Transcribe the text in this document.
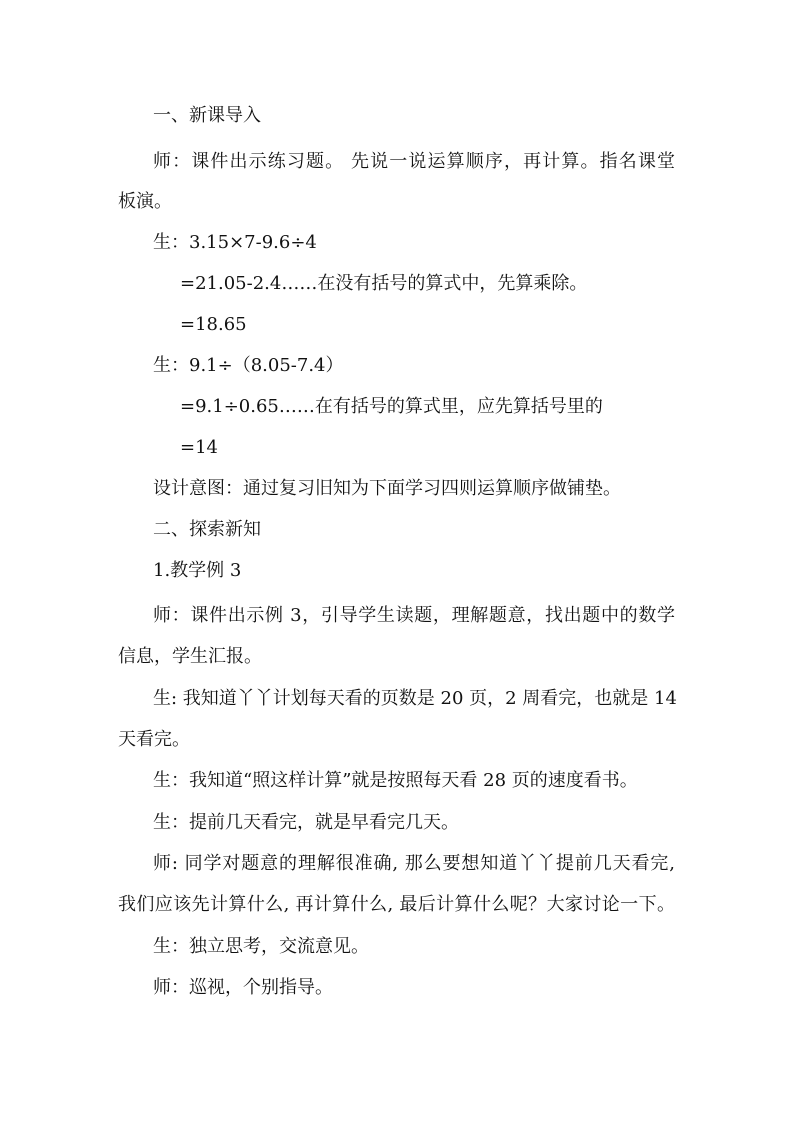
一、新课导入
师：课件出示练习题。 先说一说运算顺序，再计算。指名课堂
板演。
生：3.15×7-9.6÷4
=21.05-2.4……在没有括号的算式中，先算乘除。
=18.65
生：9.1÷（8.05-7.4）
=9.1÷0.65……在有括号的算式里，应先算括号里的
=14
设计意图：通过复习旧知为下面学习四则运算顺序做铺垫。
二、探索新知
1.教学例 3
师：课件出示例 3，引导学生读题，理解题意，找出题中的数学
信息，学生汇报。
生: 我知道丫丫计划每天看的页数是 20 页，2 周看完，也就是 14
天看完。
生：我知道“照这样计算”就是按照每天看 28 页的速度看书。
生：提前几天看完，就是早看完几天。
师: 同学对题意的理解很准确, 那么要想知道丫丫提前几天看完,
我们应该先计算什么, 再计算什么, 最后计算什么呢？大家讨论一下。
生：独立思考，交流意见。
师：巡视，个别指导。
